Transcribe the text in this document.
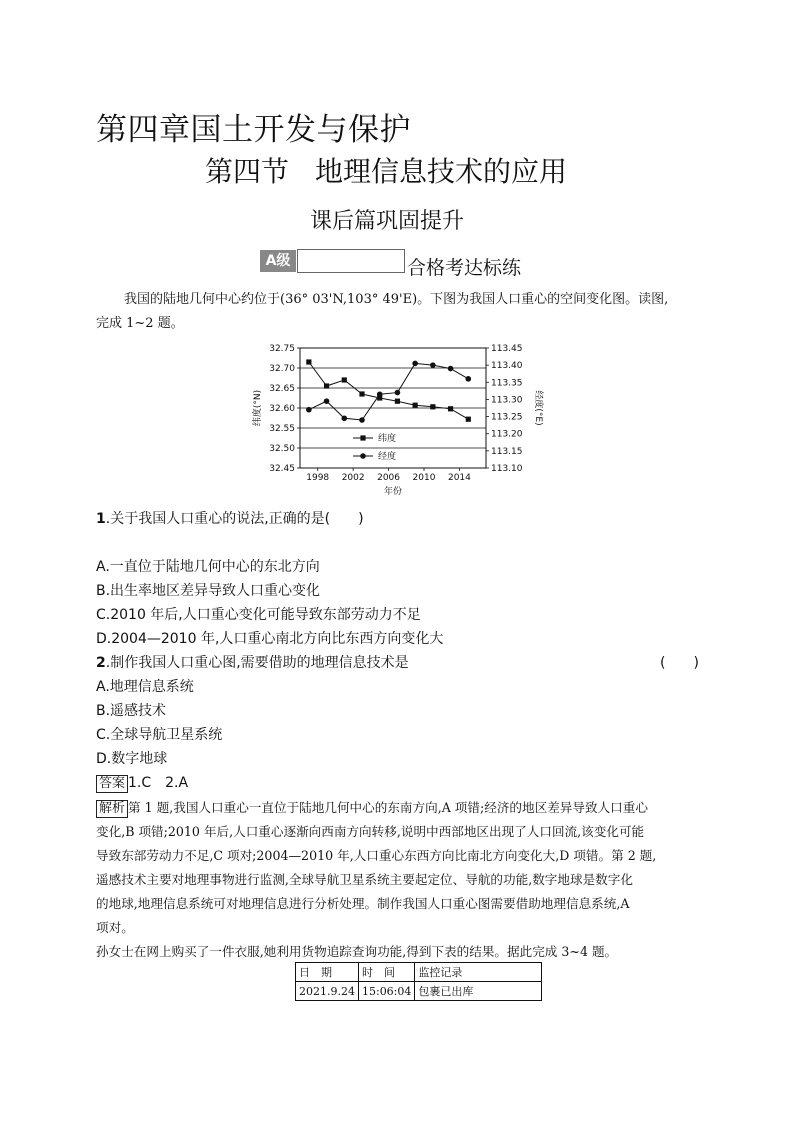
第四章国土开发与保护
第四节 地理信息技术的应用
课后篇巩固提升
A级	合格考达标练
我国的陆地几何中心约位于(36° 03'N,103° 49'E)。下图为我国人口重心的空间变化图。读图,
完成 1~2 题。
32.75
32.70
32.65
32.60
32.55
32.50
32.45
113.45
113.40
113.35
113.30
113.25
113.20
113.15
113.10
1998 2002 2006 2010 2014
纬度(°N)	经度(°E)
年份
纬度
经度
1.关于我国人口重心的说法,正确的是(　　)
A.一直位于陆地几何中心的东北方向
B.出生率地区差异导致人口重心变化
C.2010 年后,人口重心变化可能导致东部劳动力不足
D.2004—2010 年,人口重心南北方向比东西方向变化大
2.制作我国人口重心图,需要借助的地理信息技术是	(　　)
A.地理信息系统
B.遥感技术
C.全球导航卫星系统
D.数字地球
答案 1.C　2.A
解析 第 1 题,我国人口重心一直位于陆地几何中心的东南方向,A 项错;经济的地区差异导致人口重心
变化,B 项错;2010 年后,人口重心逐渐向西南方向转移,说明中西部地区出现了人口回流,该变化可能
导致东部劳动力不足,C 项对;2004—2010 年,人口重心东西方向比南北方向变化大,D 项错。第 2 题,
遥感技术主要对地理事物进行监测,全球导航卫星系统主要起定位、导航的功能,数字地球是数字化
的地球,地理信息系统可对地理信息进行分析处理。制作我国人口重心图需要借助地理信息系统,A
项对。
孙女士在网上购买了一件衣服,她利用货物追踪查询功能,得到下表的结果。据此完成 3~4 题。
日　期	时　间	监控记录
2021.9.24	15:06:04	包裹已出库
